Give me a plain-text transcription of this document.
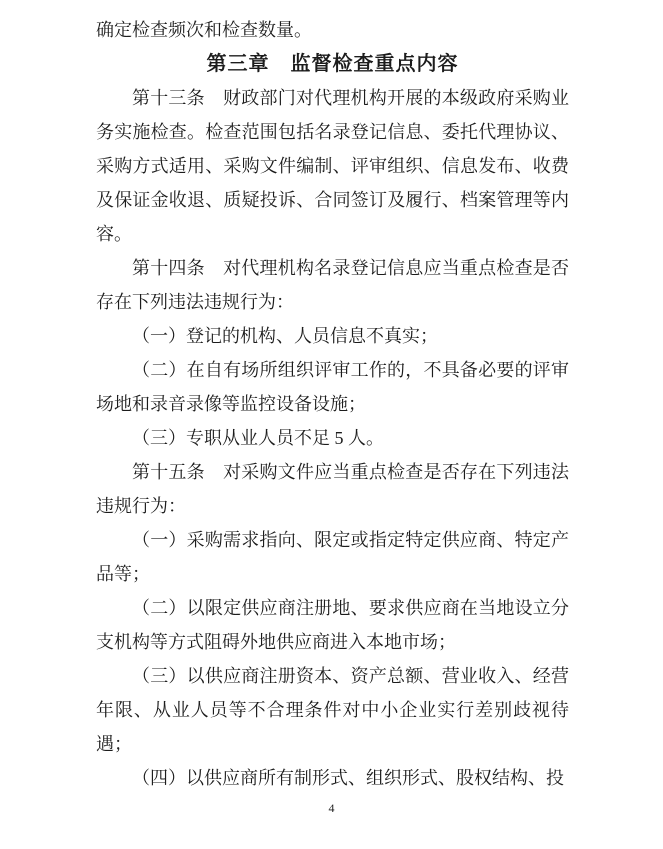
确定检查频次和检查数量。

第三章　监督检查重点内容

第十三条　财政部门对代理机构开展的本级政府采购业务实施检查。检查范围包括名录登记信息、委托代理协议、采购方式适用、采购文件编制、评审组织、信息发布、收费及保证金收退、质疑投诉、合同签订及履行、档案管理等内容。

第十四条　对代理机构名录登记信息应当重点检查是否存在下列违法违规行为：

（一）登记的机构、人员信息不真实；

（二）在自有场所组织评审工作的，不具备必要的评审场地和录音录像等监控设备设施；

（三）专职从业人员不足 5 人。

第十五条　对采购文件应当重点检查是否存在下列违法违规行为：

（一）采购需求指向、限定或指定特定供应商、特定产品等；

（二）以限定供应商注册地、要求供应商在当地设立分支机构等方式阻碍外地供应商进入本地市场；

（三）以供应商注册资本、资产总额、营业收入、经营年限、从业人员等不合理条件对中小企业实行差别歧视待遇；

（四）以供应商所有制形式、组织形式、股权结构、投

4
